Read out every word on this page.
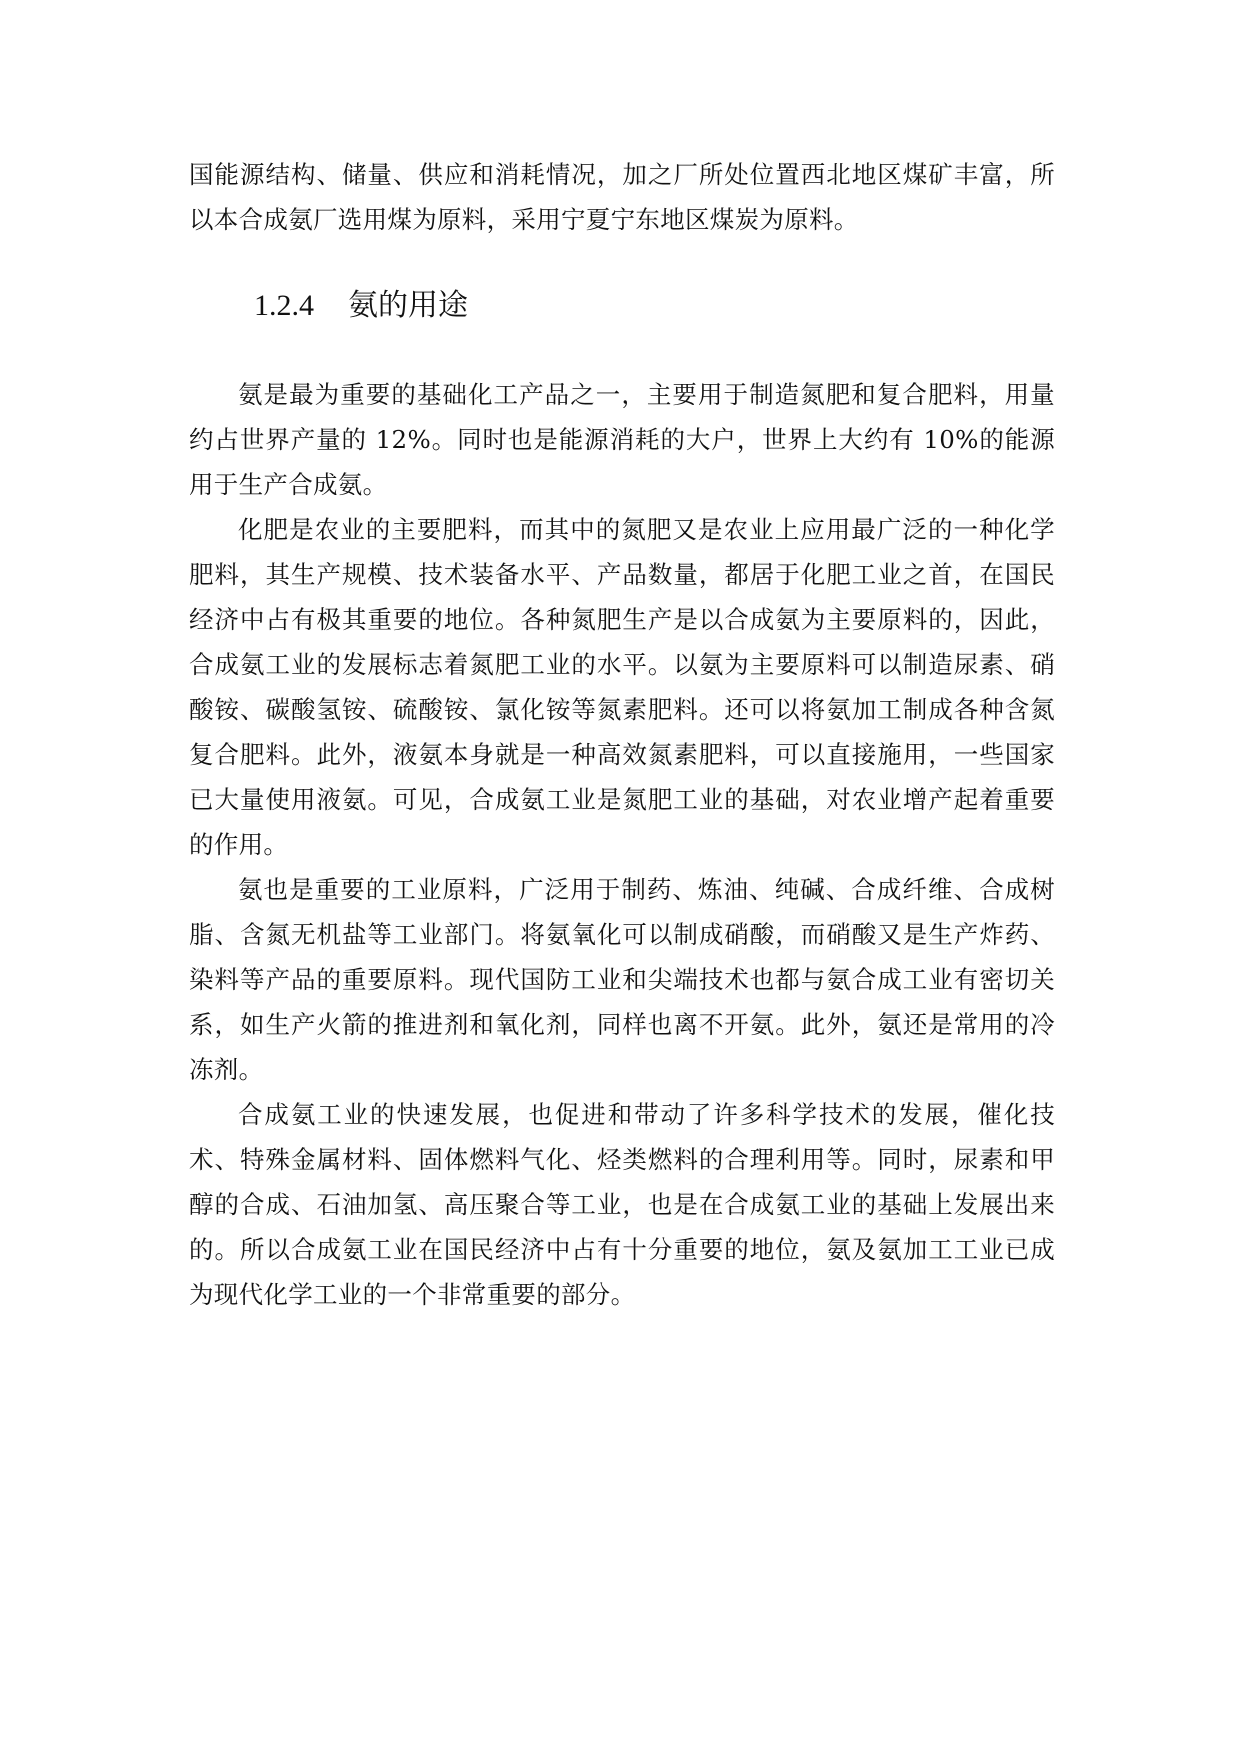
国能源结构、储量、供应和消耗情况，加之厂所处位置西北地区煤矿丰富，所以本合成氨厂选用煤为原料，采用宁夏宁东地区煤炭为原料。

1.2.4 氨的用途

氨是最为重要的基础化工产品之一，主要用于制造氮肥和复合肥料，用量约占世界产量的 12%。同时也是能源消耗的大户，世界上大约有 10%的能源用于生产合成氨。

化肥是农业的主要肥料，而其中的氮肥又是农业上应用最广泛的一种化学肥料，其生产规模、技术装备水平、产品数量，都居于化肥工业之首，在国民经济中占有极其重要的地位。各种氮肥生产是以合成氨为主要原料的，因此，合成氨工业的发展标志着氮肥工业的水平。以氨为主要原料可以制造尿素、硝酸铵、碳酸氢铵、硫酸铵、氯化铵等氮素肥料。还可以将氨加工制成各种含氮复合肥料。此外，液氨本身就是一种高效氮素肥料，可以直接施用，一些国家已大量使用液氨。可见，合成氨工业是氮肥工业的基础，对农业增产起着重要的作用。

氨也是重要的工业原料，广泛用于制药、炼油、纯碱、合成纤维、合成树脂、含氮无机盐等工业部门。将氨氧化可以制成硝酸，而硝酸又是生产炸药、染料等产品的重要原料。现代国防工业和尖端技术也都与氨合成工业有密切关系，如生产火箭的推进剂和氧化剂，同样也离不开氨。此外，氨还是常用的冷冻剂。

合成氨工业的快速发展，也促进和带动了许多科学技术的发展，催化技术、特殊金属材料、固体燃料气化、烃类燃料的合理利用等。同时，尿素和甲醇的合成、石油加氢、高压聚合等工业，也是在合成氨工业的基础上发展出来的。所以合成氨工业在国民经济中占有十分重要的地位，氨及氨加工工业已成为现代化学工业的一个非常重要的部分。
